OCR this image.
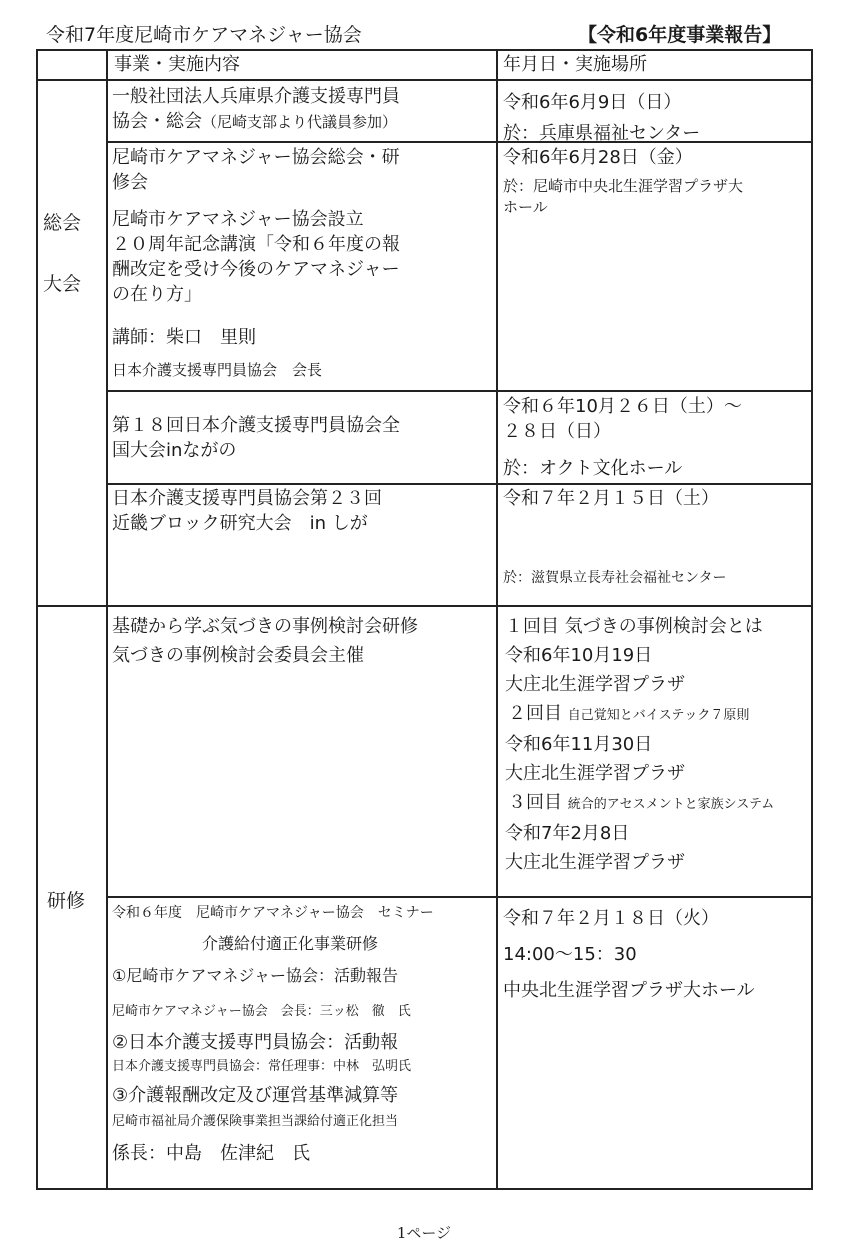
令和7年度尼崎市ケアマネジャー協会	【令和6年度事業報告】
事業・実施内容	年月日・実施場所
総会
大会
研修
一般社団法人兵庫県介護支援専門員
協会・総会（尼崎支部より代議員参加）
令和6年6月9日（日）
於：兵庫県福祉センター
尼崎市ケアマネジャー協会総会・研
修会
尼崎市ケアマネジャー協会設立
２０周年記念講演「令和６年度の報
酬改定を受け今後のケアマネジャー
の在り方」
講師：柴口　里則
日本介護支援専門員協会　会長
令和6年6月28日（金）
於：尼崎市中央北生涯学習プラザ大
ホール
第１８回日本介護支援専門員協会全
国大会inながの
令和６年10月２６日（土）～
２８日（日）
於：オクト文化ホール
日本介護支援専門員協会第２３回
近畿ブロック研究大会　in しが
令和７年２月１５日（土）
於：滋賀県立長寿社会福祉センター
基礎から学ぶ気づきの事例検討会研修
気づきの事例検討会委員会主催
１回目 気づきの事例検討会とは
令和6年10月19日
大庄北生涯学習プラザ
２回目 自己覚知とバイステック７原則
令和6年11月30日
大庄北生涯学習プラザ
３回目 統合的アセスメントと家族システム
令和7年2月8日
大庄北生涯学習プラザ
令和６年度　尼崎市ケアマネジャー協会　セミナー
介護給付適正化事業研修
①尼崎市ケアマネジャー協会：活動報告
尼崎市ケアマネジャー協会　会長：三ッ松　徹　氏
②日本介護支援専門員協会：活動報
日本介護支援専門員協会：常任理事：中林　弘明氏
③介護報酬改定及び運営基準減算等
尼崎市福祉局介護保険事業担当課給付適正化担当
係長：中島　佐津紀　氏
令和７年２月１８日（火）
14:00～15：30
中央北生涯学習プラザ大ホール
1ページ
